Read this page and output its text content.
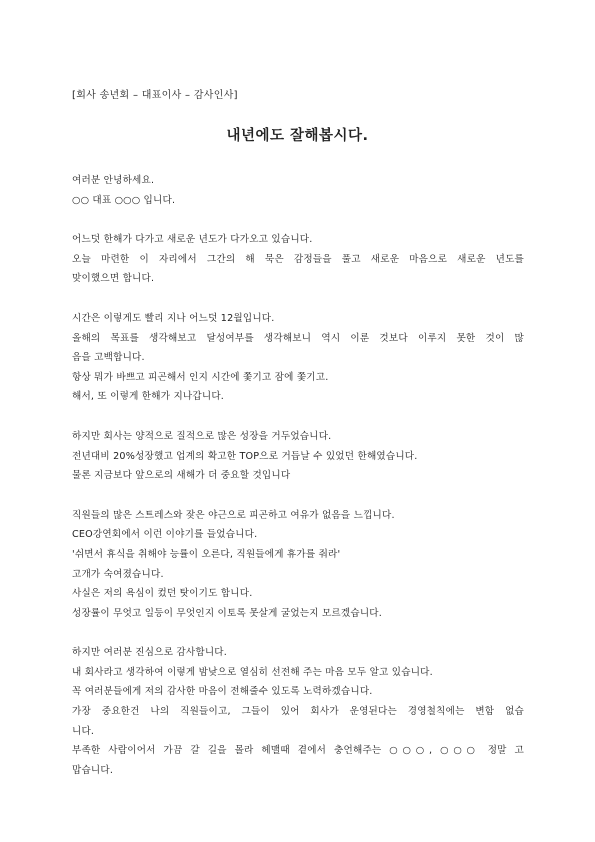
[회사 송년회 – 대표이사 – 감사인사]
내년에도 잘해봅시다.
여러분 안녕하세요.
○○ 대표 ○○○ 입니다.
어느덧 한해가 다가고 새로운 년도가 다가오고 있습니다.
오늘 마련한 이 자리에서 그간의 해 묵은 감정들을 풀고 새로운 마음으로 새로운 년도를
맞이했으면 합니다.
시간은 이렇게도 빨리 지나 어느덧 12월입니다.
올해의 목표를 생각해보고 달성여부를 생각해보니 역시 이룬 것보다 이루지 못한 것이 많
음을 고백합니다.
항상 뭐가 바쁘고 피곤해서 인지 시간에 쫓기고 잠에 쫓기고.
해서, 또 이렇게 한해가 지나갑니다.
하지만 회사는 양적으로 질적으로 많은 성장을 거두었습니다.
전년대비 20%성장했고 업계의 확고한 TOP으로 거듭날 수 있었던 한해였습니다.
물론 지금보다 앞으로의 새해가 더 중요할 것입니다
직원들의 많은 스트레스와 잦은 야근으로 피곤하고 여유가 없음을 느낍니다.
CEO강연회에서 이런 이야기를 들었습니다.
'쉬면서 휴식을 취해야 능률이 오른다, 직원들에게 휴가를 줘라'
고개가 숙여졌습니다.
사실은 저의 욕심이 컸던 탓이기도 합니다.
성장률이 무엇고 일등이 무엇인지 이토록 못살게 굴었는지 모르겠습니다.
하지만 여러분 진심으로 감사합니다.
내 회사라고 생각하여 이렇게 밤낮으로 열심히 선전해 주는 마음 모두 알고 있습니다.
꼭 여러분들에게 저의 감사한 마음이 전해줄수 있도록 노력하겠습니다.
가장 중요한건 나의 직원들이고, 그들이 있어 회사가 운영된다는 경영철칙에는 변함 없습
니다.
부족한 사람이어서 가끔 갈 길을 몰라 헤맬때 곁에서 충언해주는 ○○○, ○○○ 정말 고
맙습니다.
